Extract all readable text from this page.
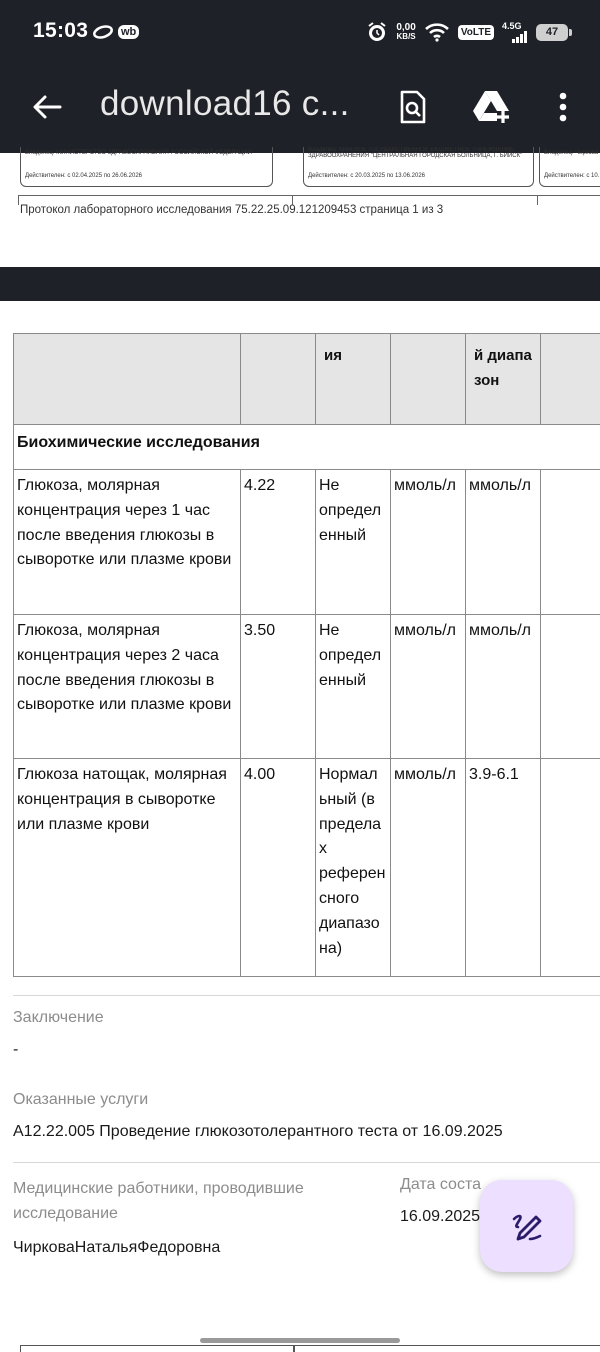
15:03	wb	0,00
KB/S	VoLTE
4.5G	47
download16 c...
Владелец: МИНИСТЕРСТВО ЗДРАВООХРАНЕНИЯ РОССИЙСКОЙ ФЕДЕРАЦИИ
Действителен: с 02.04.2025 по 26.06.2026
Владелец: КРАЕВОЕ ГОСУДАРСТВЕННОЕ БЮДЖЕТНОЕ УЧРЕЖДЕНИЕ ЗДРАВООХРАНЕНИЯ "ЦЕНТРАЛЬНАЯ ГОРОДСКАЯ БОЛЬНИЦА, Г. БИЙСК"
Действителен: с 20.03.2025 по 13.06.2026
Владелец: Чиркова
Действителен: с 10.
Протокол лабораторного исследования 75.22.25.09.121209453 страница 1 из 3
		ия		й диапа зон	
Биохимические исследования					
Глюкоза, молярная концентрация через 1 час после введения глюкозы в сыворотке или плазме крови	4.22	Не определ енный	ммоль/л	ммоль/л	
Глюкоза, молярная концентрация через 2 часа после введения глюкозы в сыворотке или плазме крови	3.50	Не определ енный	ммоль/л	ммоль/л	
Глюкоза натощак, молярная концентрация в сыворотке или плазме крови	4.00	Нормал ьный (в предела х референ сного диапазо на)	ммоль/л	3.9-6.1	
Заключение
-
Оказанные услуги
A12.22.005 Проведение глюкозотолерантного теста от 16.09.2025
Медицинские работники, проводившие исследование
ЧирковаНатальяФедоровна
Дата соста
16.09.2025
